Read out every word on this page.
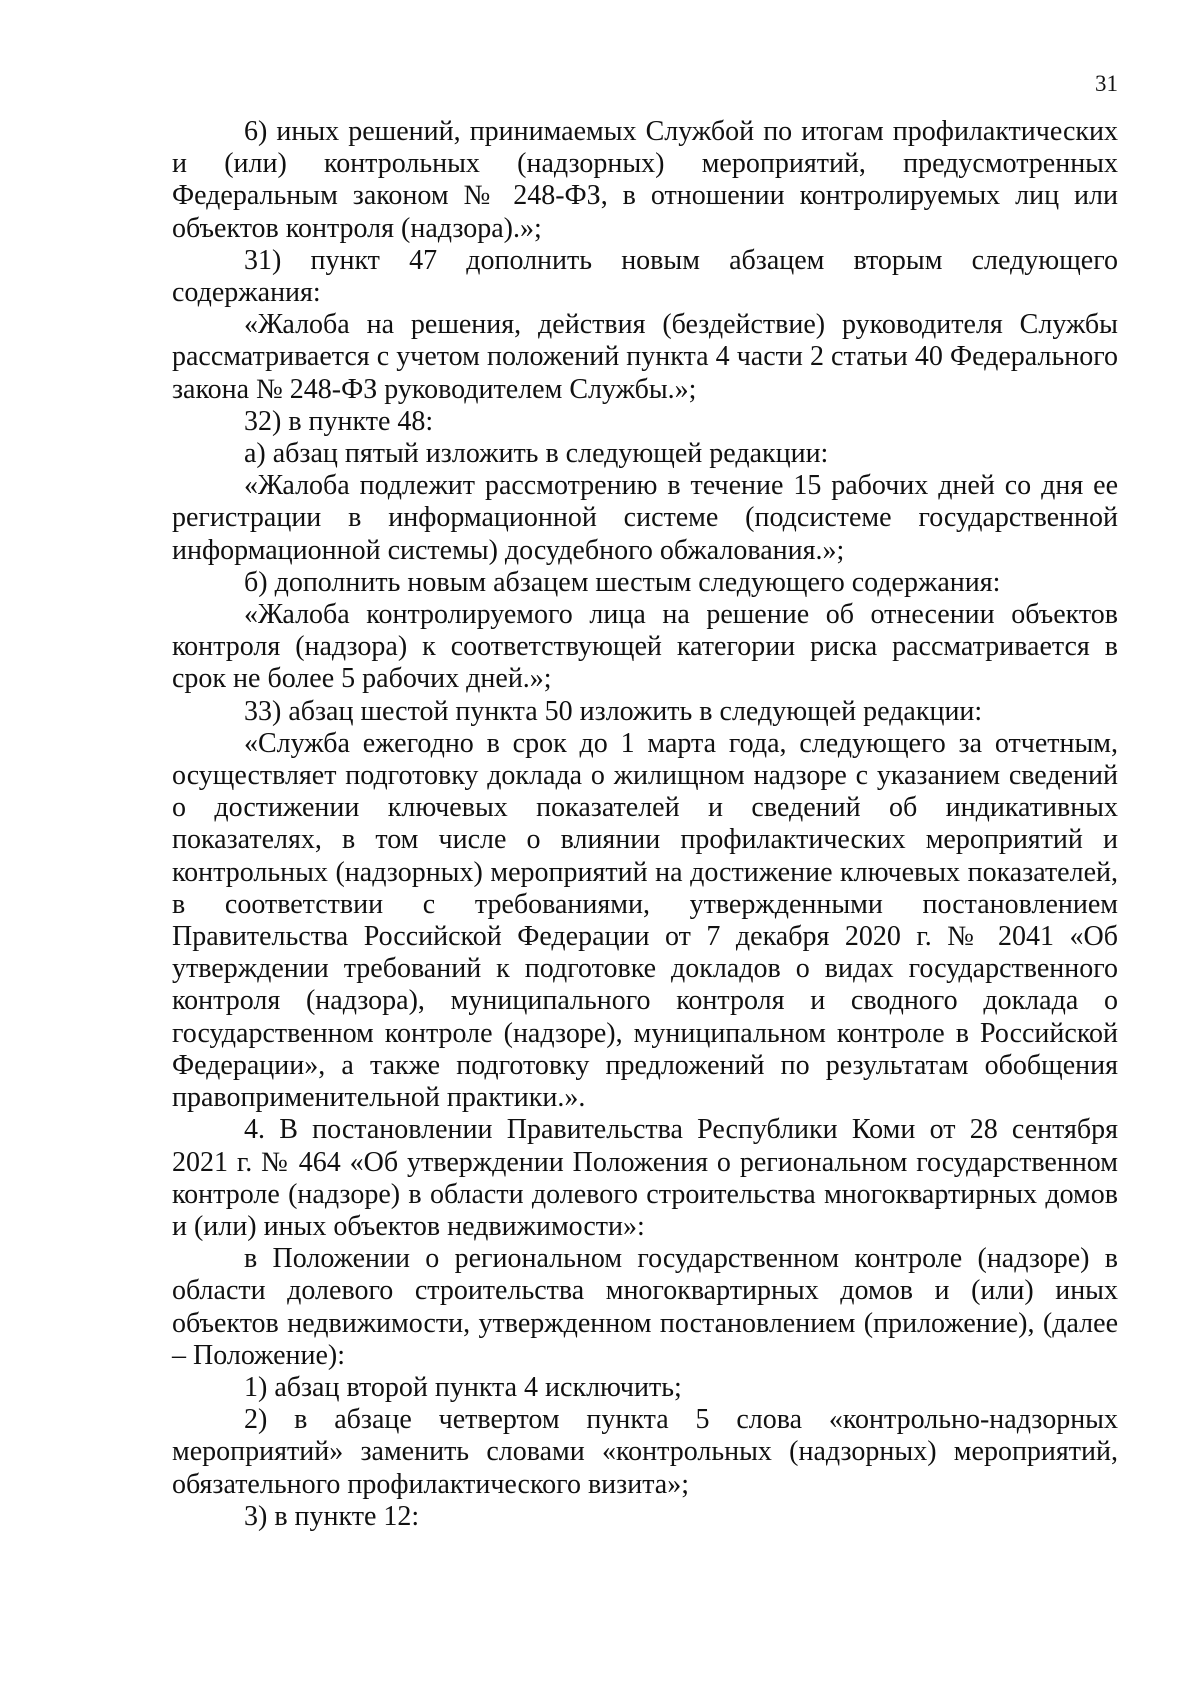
31

6) иных решений, принимаемых Службой по итогам профилактических и (или) контрольных (надзорных) мероприятий, предусмотренных Федеральным законом № 248-ФЗ, в отношении контролируемых лиц или объектов контроля (надзора).»;

31) пункт 47 дополнить новым абзацем вторым следующего содержания:

«Жалоба на решения, действия (бездействие) руководителя Службы рассматривается с учетом положений пункта 4 части 2 статьи 40 Федерального закона № 248-ФЗ руководителем Службы.»;

32) в пункте 48:

а) абзац пятый изложить в следующей редакции:

«Жалоба подлежит рассмотрению в течение 15 рабочих дней со дня ее регистрации в информационной системе (подсистеме государственной информационной системы) досудебного обжалования.»;

б) дополнить новым абзацем шестым следующего содержания:

«Жалоба контролируемого лица на решение об отнесении объектов контроля (надзора) к соответствующей категории риска рассматривается в срок не более 5 рабочих дней.»;

33) абзац шестой пункта 50 изложить в следующей редакции:

«Служба ежегодно в срок до 1 марта года, следующего за отчетным, осуществляет подготовку доклада о жилищном надзоре с указанием сведений о достижении ключевых показателей и сведений об индикативных показателях, в том числе о влиянии профилактических мероприятий и контрольных (надзорных) мероприятий на достижение ключевых показателей, в соответствии с требованиями, утвержденными постановлением Правительства Российской Федерации от 7 декабря 2020 г. № 2041 «Об утверждении требований к подготовке докладов о видах государственного контроля (надзора), муниципального контроля и сводного доклада о государственном контроле (надзоре), муниципальном контроле в Российской Федерации», а также подготовку предложений по результатам обобщения правоприменительной практики.».

4. В постановлении Правительства Республики Коми от 28 сентября 2021 г. № 464 «Об утверждении Положения о региональном государственном контроле (надзоре) в области долевого строительства многоквартирных домов и (или) иных объектов недвижимости»:

в Положении о региональном государственном контроле (надзоре) в области долевого строительства многоквартирных домов и (или) иных объектов недвижимости, утвержденном постановлением (приложение), (далее – Положение):

1) абзац второй пункта 4 исключить;

2) в абзаце четвертом пункта 5 слова «контрольно-надзорных мероприятий» заменить словами «контрольных (надзорных) мероприятий, обязательного профилактического визита»;

3) в пункте 12:
